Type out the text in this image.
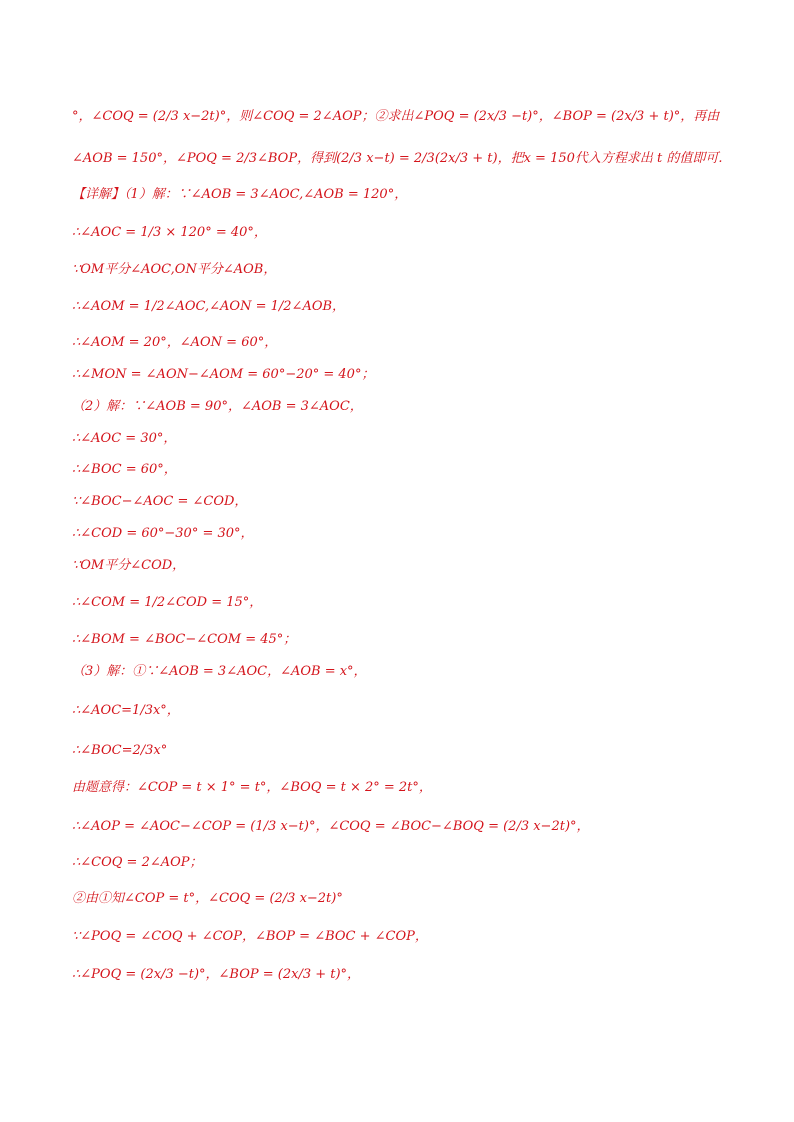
°，∠COQ = (2/3 x−2t)°，则∠COQ = 2∠AOP；②求出∠POQ = (2x/3 −t)°，∠BOP = (2x/3 + t)°，再由
∠AOB = 150°，∠POQ = 2/3∠BOP，得到(2/3 x−t) = 2/3(2x/3 + t)，把x = 150代入方程求出 t 的值即可.
【详解】（1）解：∵∠AOB = 3∠AOC,∠AOB = 120°，
∴∠AOC = 1/3 × 120° = 40°，
∵OM平分∠AOC,ON平分∠AOB，
∴∠AOM = 1/2∠AOC,∠AON = 1/2∠AOB，
∴∠AOM = 20°，∠AON = 60°，
∴∠MON = ∠AON−∠AOM = 60°−20° = 40°；
（2）解：∵∠AOB = 90°，∠AOB = 3∠AOC，
∴∠AOC = 30°，
∴∠BOC = 60°，
∵∠BOC−∠AOC = ∠COD，
∴∠COD = 60°−30° = 30°，
∵OM平分∠COD，
∴∠COM = 1/2∠COD = 15°，
∴∠BOM = ∠BOC−∠COM = 45°；
（3）解：①∵∠AOB = 3∠AOC，∠AOB = x°，
∴∠AOC=1/3x°，
∴∠BOC=2/3x°
由题意得：∠COP = t × 1° = t°，∠BOQ = t × 2° = 2t°，
∴∠AOP = ∠AOC−∠COP = (1/3 x−t)°，∠COQ = ∠BOC−∠BOQ = (2/3 x−2t)°，
∴∠COQ = 2∠AOP；
②由①知∠COP = t°，∠COQ = (2/3 x−2t)°
∵∠POQ = ∠COQ + ∠COP，∠BOP = ∠BOC + ∠COP，
∴∠POQ = (2x/3 −t)°，∠BOP = (2x/3 + t)°，
